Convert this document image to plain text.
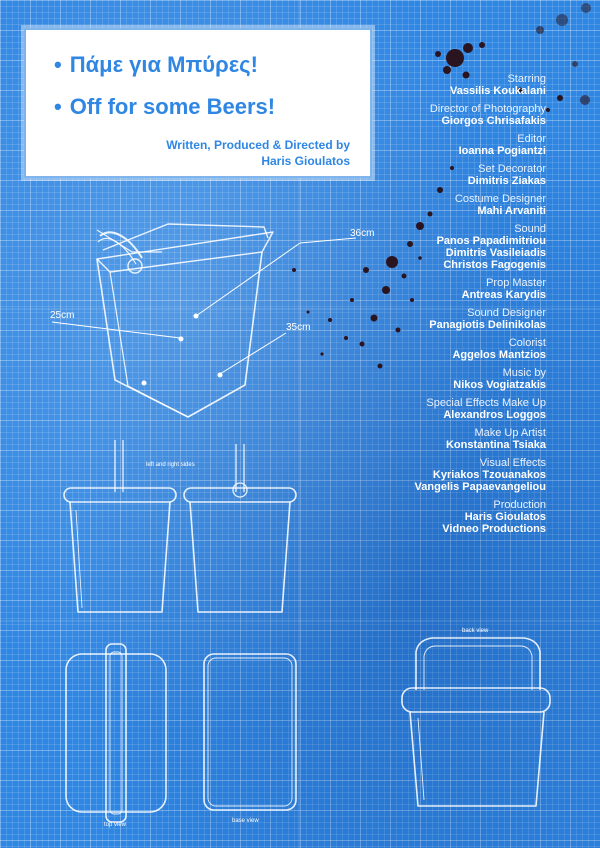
36cm
25cm
35cm
left and right sides
top view
base view
back view
• Πάμε για Μπύρες!
• Off for some Beers!
Written, Produced & Directed by
Haris Gioulatos
Starring
Vassilis Koukalani
Director of Photography
Giorgos Chrisafakis
Editor
Ioanna Pogiantzi
Set Decorator
Dimitris Ziakas
Costume Designer
Mahi Arvaniti
Sound
Panos Papadimitriou
Dimitris Vasileiadis
Christos Fagogenis
Prop Master
Antreas Karydis
Sound Designer
Panagiotis Delinikolas
Colorist
Aggelos Mantzios
Music by
Nikos Vogiatzakis
Special Effects Make Up
Alexandros Loggos
Make Up Artist
Konstantina Tsiaka
Visual Effects
Kyriakos Tzouanakos
Vangelis Papaevangeliou
Production
Haris Gioulatos
Vidneo Productions
